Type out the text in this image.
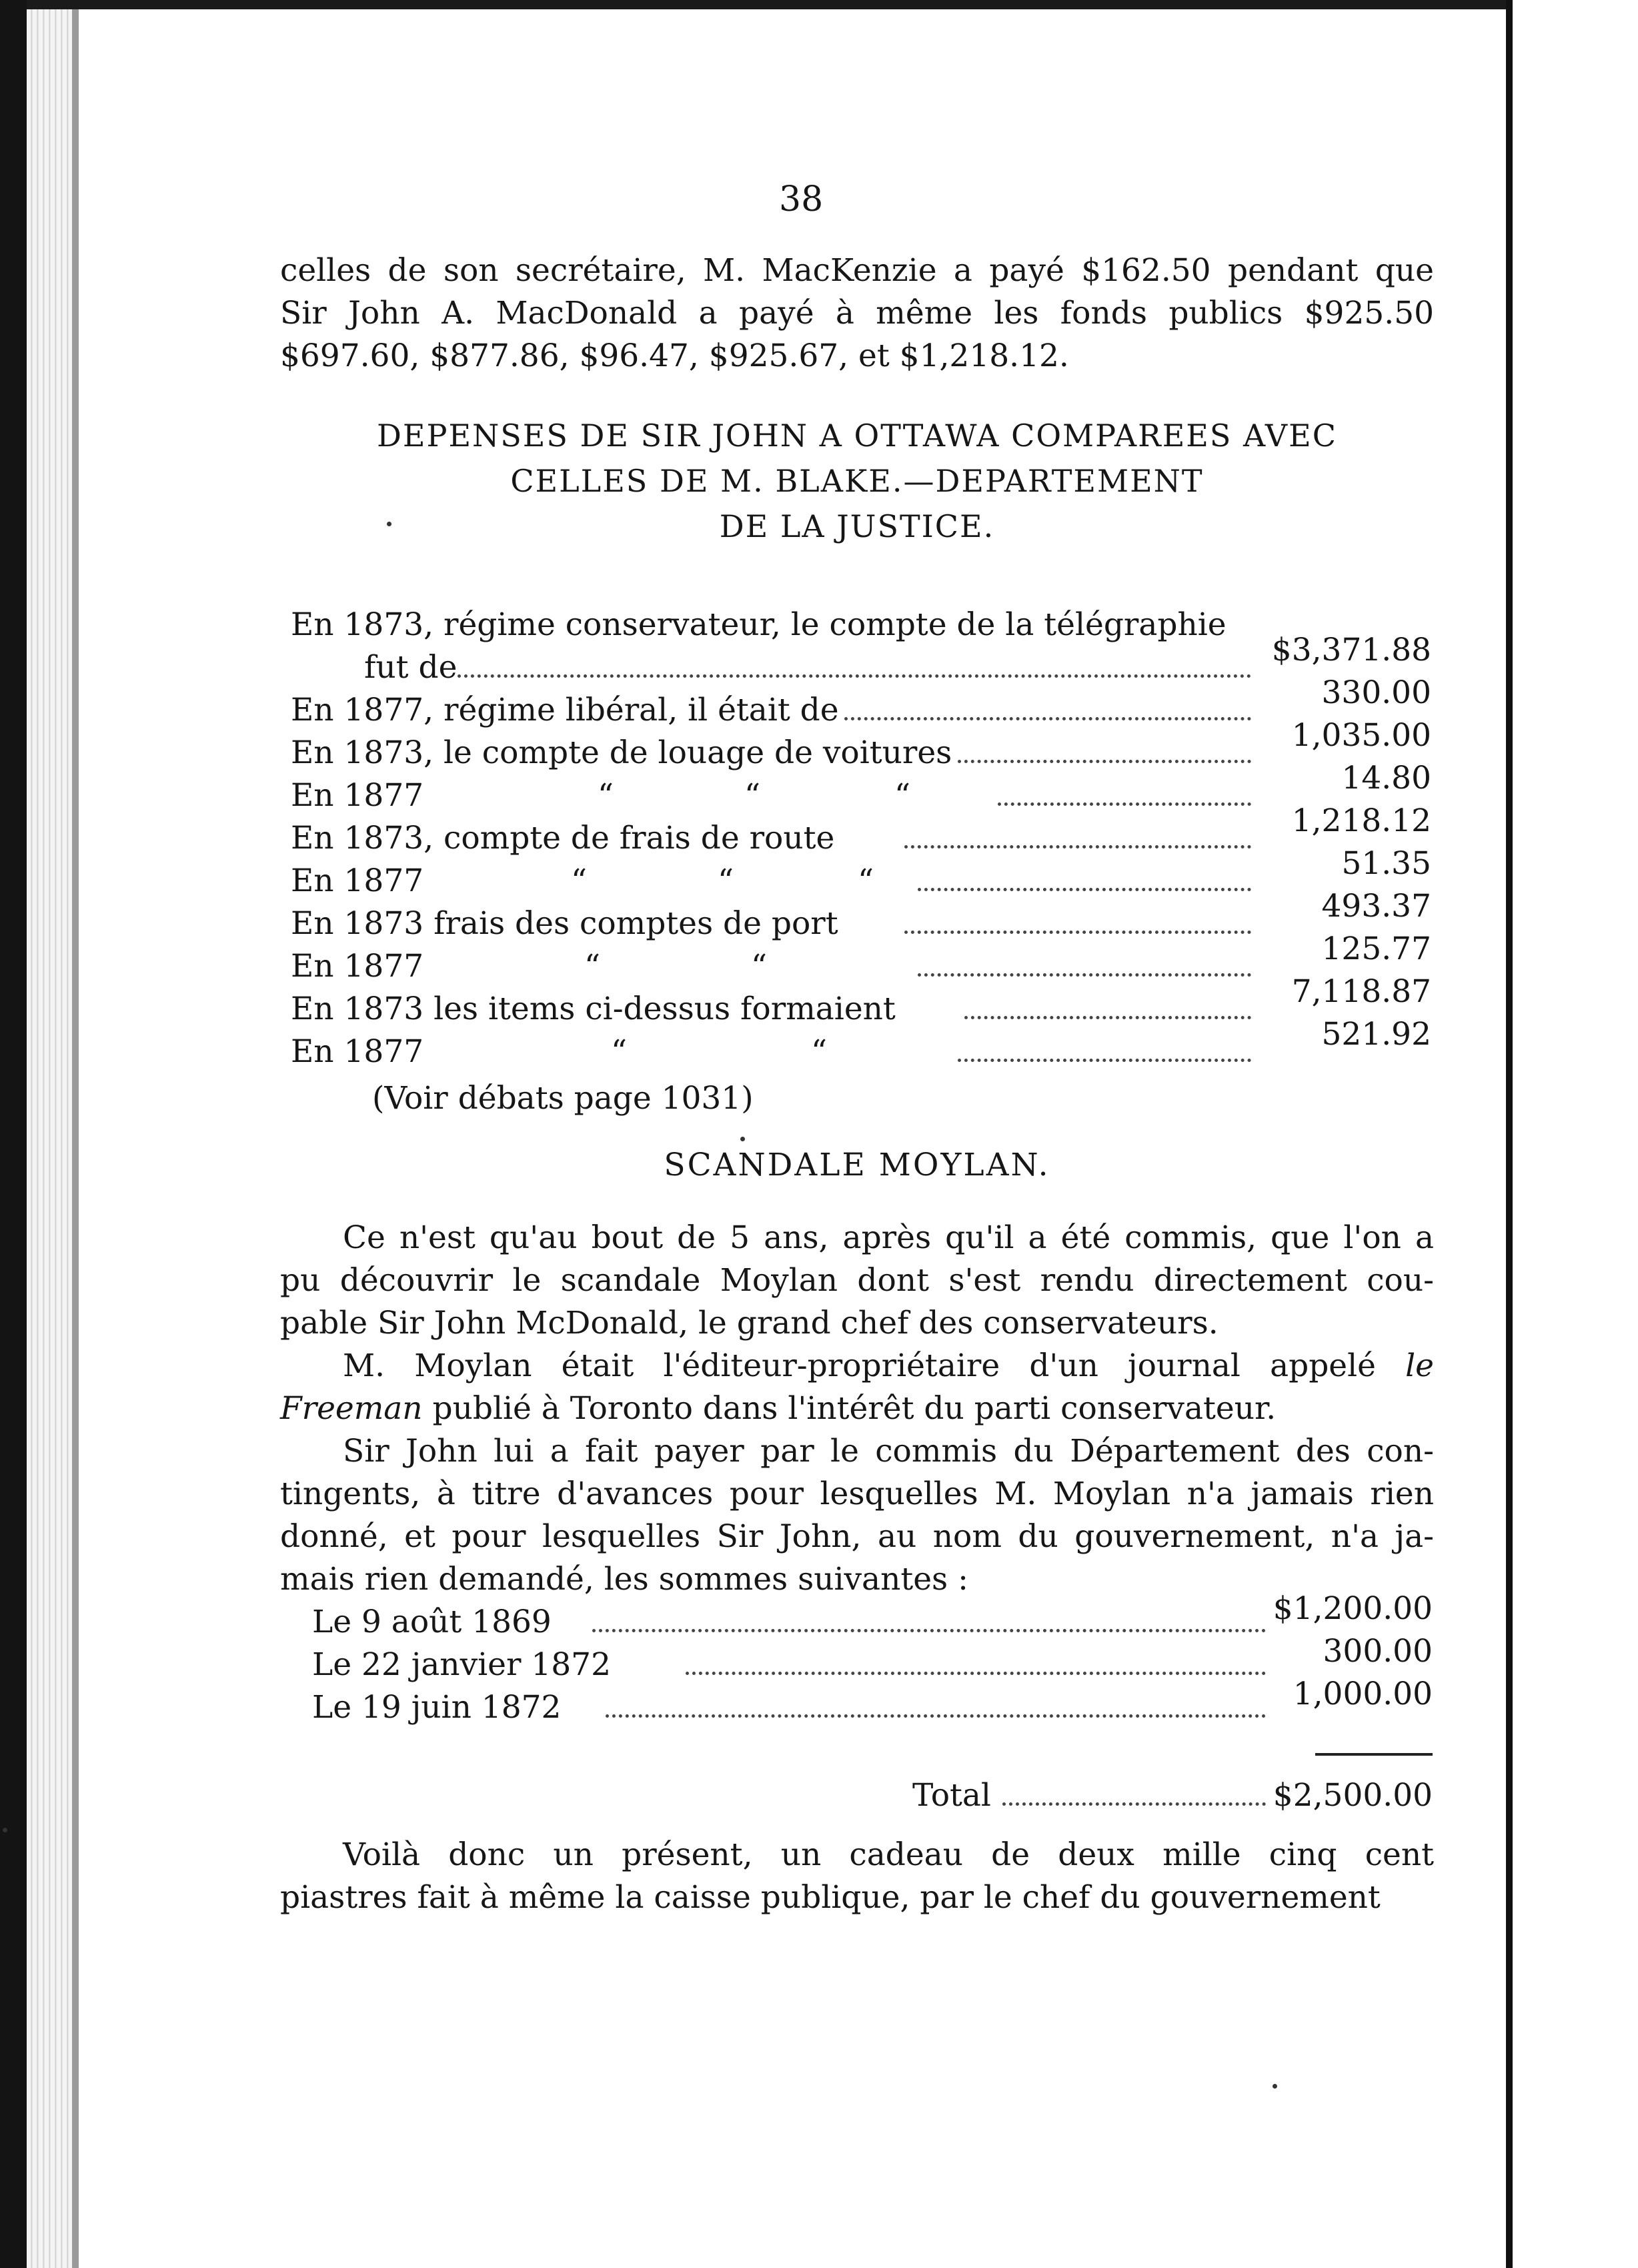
38

celles de son secrétaire, M. MacKenzie a payé $162.50 pendant que
Sir John A. MacDonald a payé à même les fonds publics $925.50
$697.60, $877.86, $96.47, $925.67, et $1,218.12.

DEPENSES DE SIR JOHN A OTTAWA COMPAREES AVEC
CELLES DE M. BLAKE.—DEPARTEMENT
DE LA JUSTICE.
En 1873, régime conservateur, le compte de la télégraphie
fut de	$3,371.88
En 1877, régime libéral, il était de	330.00
En 1873, le compte de louage de voitures	1,035.00
En 1877	“	“	“	14.80
En 1873, compte de frais de route	1,218.12
En 1877	“	“	“	51.35
En 1873 frais des comptes de port	493.37
En 1877	“	“	125.77
En 1873 les items ci-dessus formaient	7,118.87
En 1877	“	“	521.92
(Voir débats page 1031)
SCANDALE MOYLAN.

Ce n'est qu'au bout de 5 ans, après qu'il a été commis, que l'on a
pu découvrir le scandale Moylan dont s'est rendu directement cou-
pable Sir John McDonald, le grand chef des conservateurs.

M. Moylan était l'éditeur-propriétaire d'un journal appelé le
Freeman publié à Toronto dans l'intérêt du parti conservateur.

Sir John lui a fait payer par le commis du Département des con-
tingents, à titre d'avances pour lesquelles M. Moylan n'a jamais rien
donné, et pour lesquelles Sir John, au nom du gouvernement, n'a ja-
mais rien demandé, les sommes suivantes :

Le 9 août 1869	$1,200.00
Le 22 janvier 1872	300.00
Le 19 juin 1872	1,000.00
Total	$2,500.00

Voilà donc un présent, un cadeau de deux mille cinq cent
piastres fait à même la caisse publique, par le chef du gouvernement
